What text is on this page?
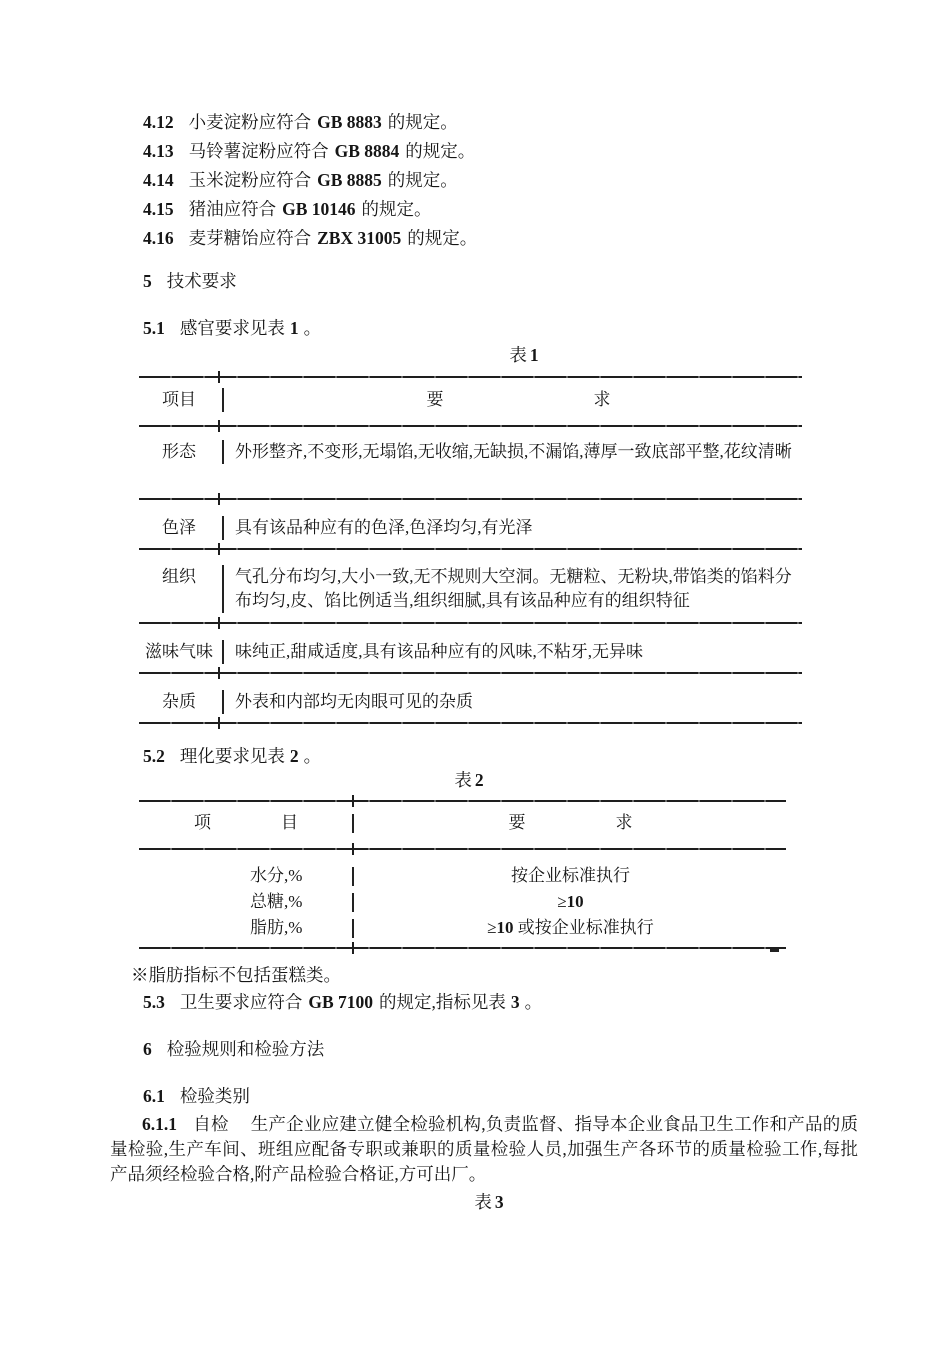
4.12 小麦淀粉应符合 GB 8883 的规定。
4.13 马铃薯淀粉应符合 GB 8884 的规定。
4.14 玉米淀粉应符合 GB 8885 的规定。
4.15 猪油应符合 GB 10146 的规定。
4.16 麦芽糖饴应符合 ZBX 31005 的规定。
5 技术要求
5.1 感官要求见表 1 。
表 1
项目	要	求
形态	外形整齐,不变形,无塌馅,无收缩,无缺损,不漏馅,薄厚一致底部平整,花纹清晰
色泽	具有该品种应有的色泽,色泽均匀,有光泽
组织	气孔分布均匀,大小一致,无不规则大空洞。无糖粒、无粉块,带馅类的馅料分布均匀,皮、馅比例适当,组织细腻,具有该品种应有的组织特征
滋味气味	味纯正,甜咸适度,具有该品种应有的风味,不粘牙,无异味
杂质	外表和内部均无肉眼可见的杂质
5.2 理化要求见表 2 。
表 2
项	目	要	求
水分,%	按企业标准执行
总糖,%	≥10
脂肪,%	≥10 或按企业标准执行
※脂肪指标不包括蛋糕类。
5.3 卫生要求应符合 GB 7100 的规定,指标见表 3 。
6 检验规则和检验方法
6.1 检验类别
6.1.1 自检 生产企业应建立健全检验机构,负责监督、指导本企业食品卫生工作和产品的质量检验,生产车间、班组应配备专职或兼职的质量检验人员,加强生产各环节的质量检验工作,每批产品须经检验合格,附产品检验合格证,方可出厂。
表 3
